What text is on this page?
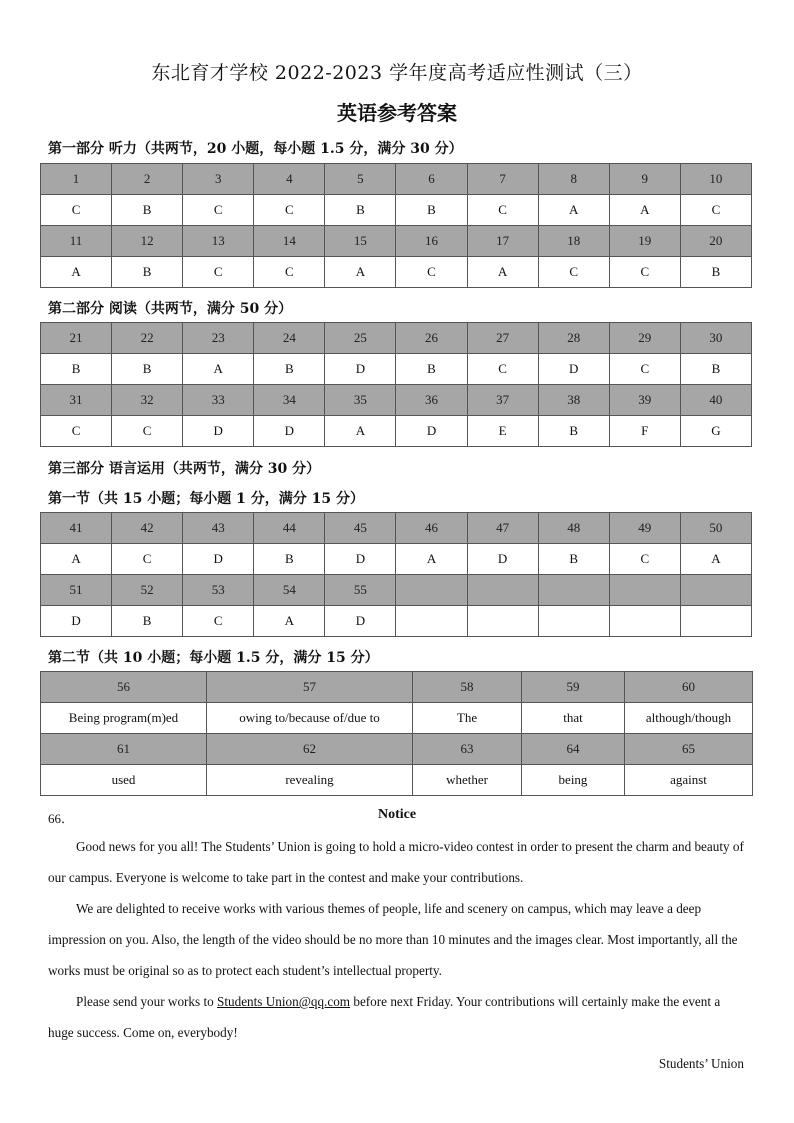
东北育才学校 2022-2023 学年度高考适应性测试（三）
英语参考答案
第一部分 听力（共两节，20 小题，每小题 1.5 分，满分 30 分）
1	2	3	4	5	6	7	8	9	10
C	B	C	C	B	B	C	A	A	C
11	12	13	14	15	16	17	18	19	20
A	B	C	C	A	C	A	C	C	B
第二部分 阅读（共两节，满分 50 分）
21	22	23	24	25	26	27	28	29	30
B	B	A	B	D	B	C	D	C	B
31	32	33	34	35	36	37	38	39	40
C	C	D	D	A	D	E	B	F	G
第三部分 语言运用（共两节，满分 30 分）
第一节（共 15 小题；每小题 1 分，满分 15 分）
41	42	43	44	45	46	47	48	49	50
A	C	D	B	D	A	D	B	C	A
51	52	53	54	55					
D	B	C	A	D					
第二节（共 10 小题；每小题 1.5 分，满分 15 分）
56	57	58	59	60
Being program(m)ed	owing to/because of/due to	The	that	although/though
61	62	63	64	65
used	revealing	whether	being	against
66．	Notice
Good news for you all! The Students’ Union is going to hold a micro-video contest in order to present the charm and beauty of our campus. Everyone is welcome to take part in the contest and make your contributions.
We are delighted to receive works with various themes of people, life and scenery on campus, which may leave a deep impression on you. Also, the length of the video should be no more than 10 minutes and the images clear. Most importantly, all the works must be original so as to protect each student’s intellectual property.
Please send your works to Students Union@qq.com before next Friday. Your contributions will certainly make the event a huge success. Come on, everybody!
Students’ Union
